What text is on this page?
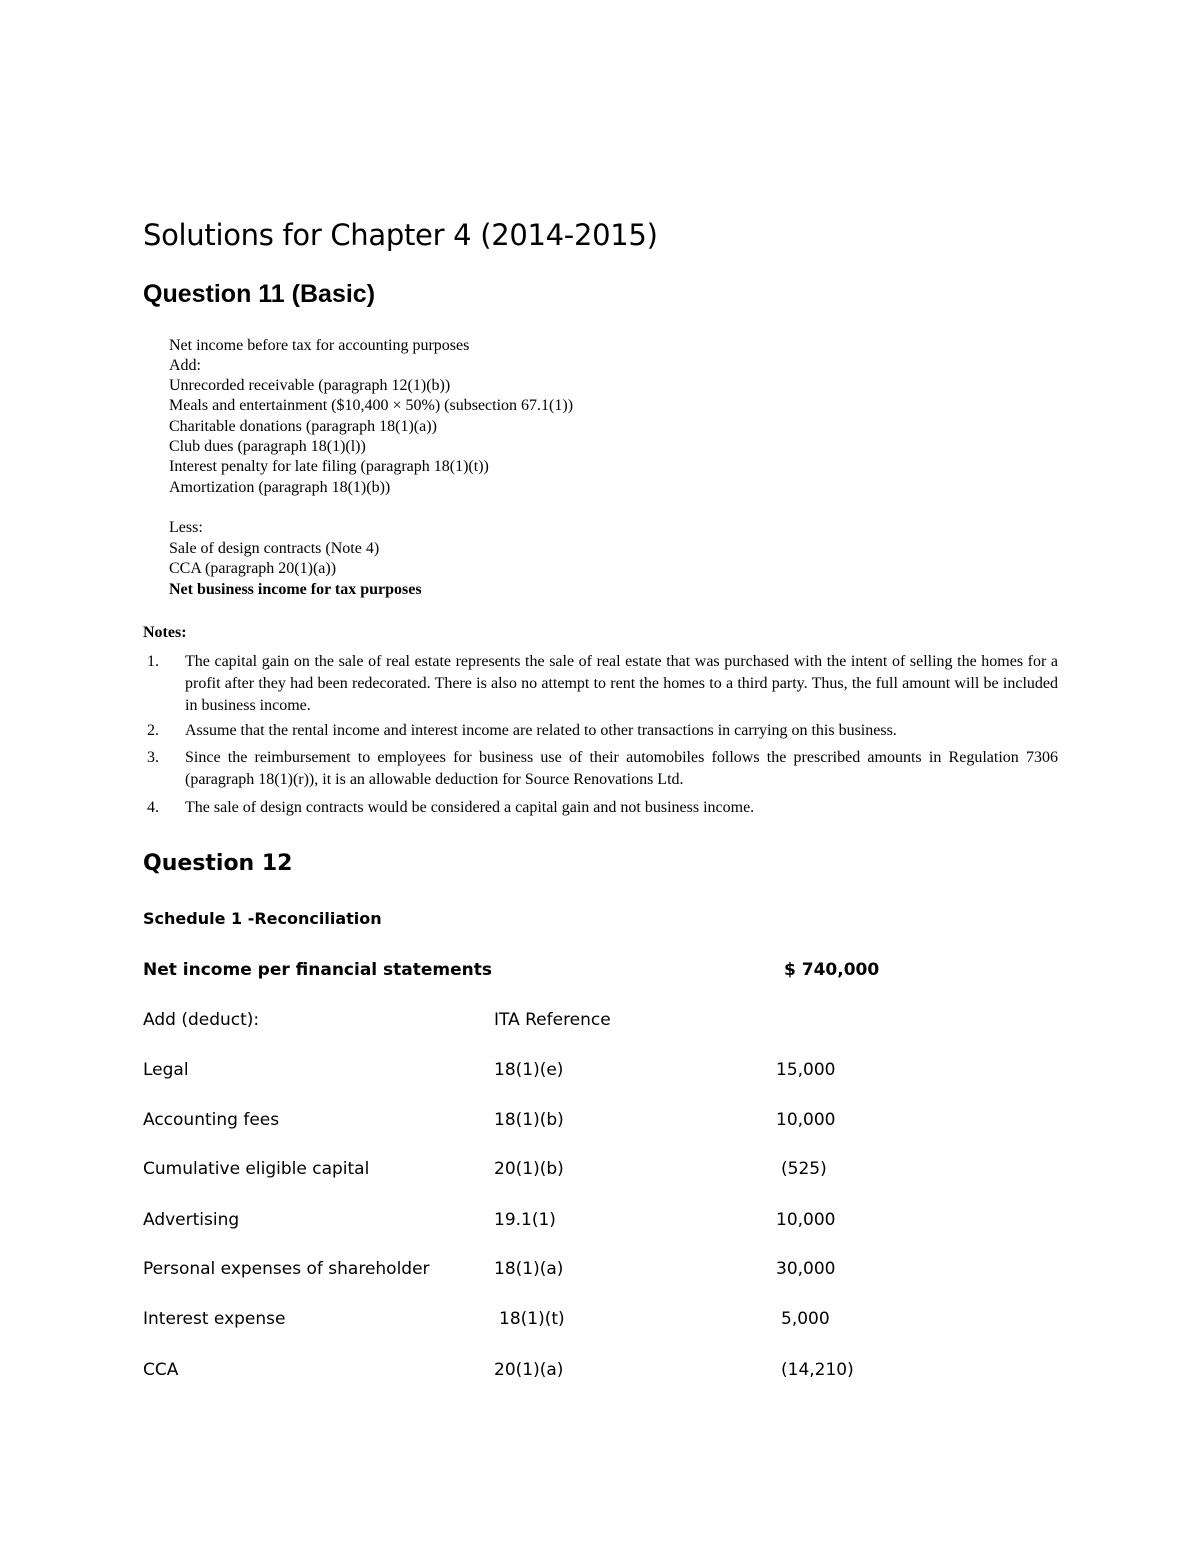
Solutions for Chapter 4 (2014-2015)
Question 11 (Basic)
Net income before tax for accounting purposes
Add:
Unrecorded receivable (paragraph 12(1)(b))
Meals and entertainment ($10,400 × 50%) (subsection 67.1(1))
Charitable donations (paragraph 18(1)(a))
Club dues (paragraph 18(1)(l))
Interest penalty for late filing (paragraph 18(1)(t))
Amortization (paragraph 18(1)(b))
Less:
Sale of design contracts (Note 4)
CCA (paragraph 20(1)(a))
Net business income for tax purposes
Notes:
1. The capital gain on the sale of real estate represents the sale of real estate that was purchased with the intent of selling the homes for a profit after they had been redecorated. There is also no attempt to rent the homes to a third party. Thus, the full amount will be included in business income.
2. Assume that the rental income and interest income are related to other transactions in carrying on this business.
3. Since the reimbursement to employees for business use of their automobiles follows the prescribed amounts in Regulation 7306 (paragraph 18(1)(r)), it is an allowable deduction for Source Renovations Ltd.
4. The sale of design contracts would be considered a capital gain and not business income.
Question 12
Schedule 1 -Reconciliation
Net income per financial statements	$ 740,000
Add (deduct):	ITA Reference
Legal	18(1)(e)	15,000
Accounting fees	18(1)(b)	10,000
Cumulative eligible capital	20(1)(b)	(525)
Advertising	19.1(1)	10,000
Personal expenses of shareholder	18(1)(a)	30,000
Interest expense	18(1)(t)	5,000
CCA	20(1)(a)	(14,210)
